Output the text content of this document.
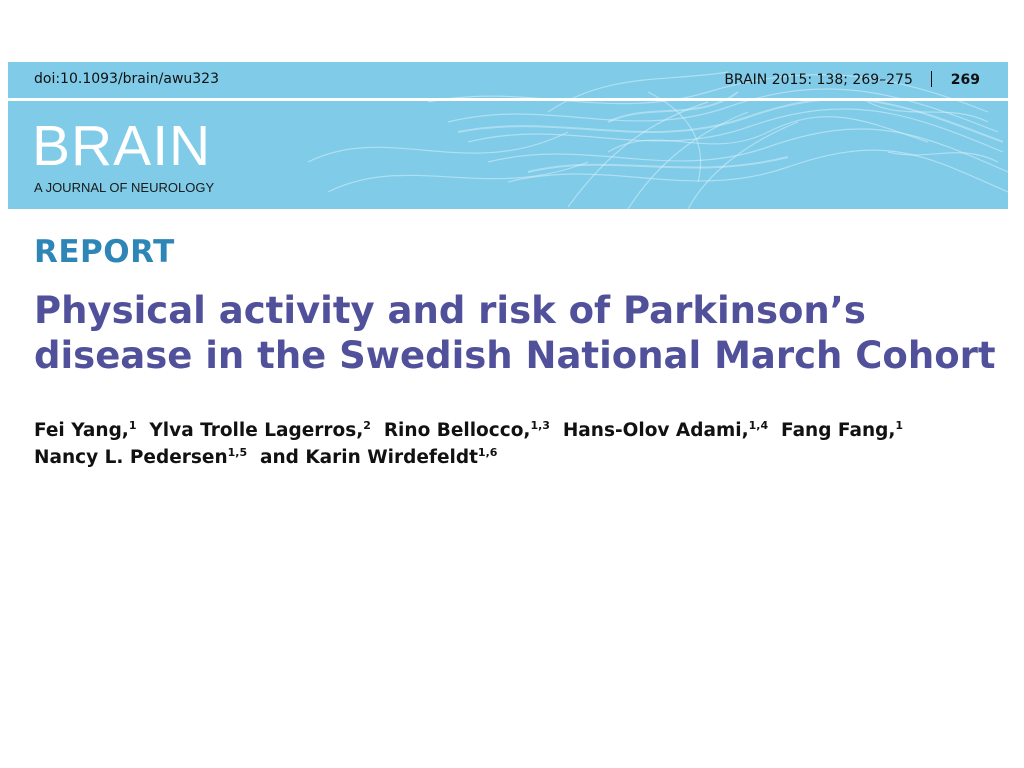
doi:10.1093/brain/awu323	BRAIN 2015: 138; 269–275	269
BRAIN
A JOURNAL OF NEUROLOGY
REPORT
Physical activity and risk of Parkinson’s disease in the Swedish National March Cohort
Fei Yang,$^1$ Ylva Trolle Lagerros,$^2$ Rino Bellocco,$^{1,3}$ Hans-Olov Adami,$^{1,4}$ Fang Fang,$^1$
Nancy L. Pedersen$^{1,5}$ and Karin Wirdefeldt$^{1,6}$
